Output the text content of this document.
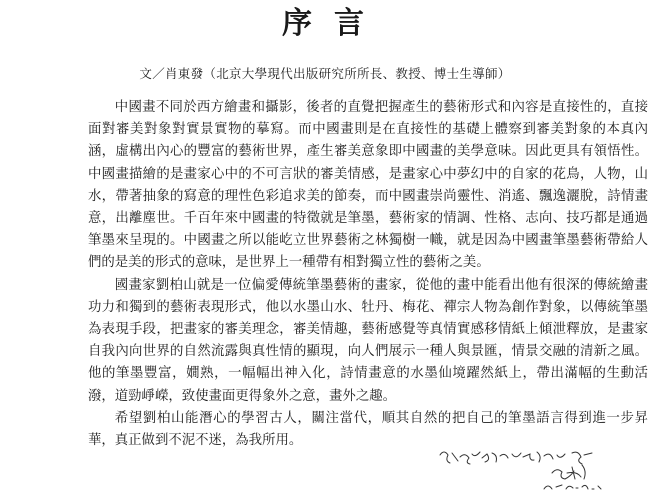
序言
文／肖東發（北京大學現代出版研究所所長、教授、博士生導師）

中國畫不同於西方繪畫和攝影，後者的直覺把握產生的藝術形式和內容是直接性的，直接面對審美對象對實景實物的摹寫。而中國畫則是在直接性的基礎上體察到審美對象的本真內涵，虛構出內心的豐富的藝術世界，產生審美意象即中國畫的美學意味。因此更具有領悟性。中國畫描繪的是畫家心中的不可言狀的審美情感，是畫家心中夢幻中的自家的花鳥，人物，山水，帶著抽象的寫意的理性色彩追求美的節奏，而中國畫崇尚靈性、消遙、飄逸灑脫，詩情畫意，出離塵世。千百年來中國畫的特徵就是筆墨，藝術家的情調、性格、志向、技巧都是通過筆墨來呈現的。中國畫之所以能屹立世界藝術之林獨樹一幟，就是因為中國畫筆墨藝術帶給人們的是美的形式的意味，是世界上一種帶有相對獨立性的藝術之美。

國畫家劉柏山就是一位偏愛傳統筆墨藝術的畫家，從他的畫中能看出他有很深的傳統繪畫功力和獨到的藝術表現形式，他以水墨山水、牡丹、梅花、禪宗人物為創作對象，以傳統筆墨為表現手段，把畫家的審美理念，審美情趣，藝術感覺等真情實感移情紙上傾泄釋放，是畫家自我內向世界的自然流露與真性情的顯現，向人們展示一種人與景匯，情景交融的清新之風。他的筆墨豐富，嫺熟，一幅幅出神入化，詩情畫意的水墨仙境躍然紙上，帶出滿幅的生動活潑，道勁崢嶸，致使畫面更得象外之意，畫外之趣。

希望劉柏山能潛心的學習古人，關注當代，順其自然的把自己的筆墨語言得到進一步昇華，真正做到不泥不迷，為我所用。
